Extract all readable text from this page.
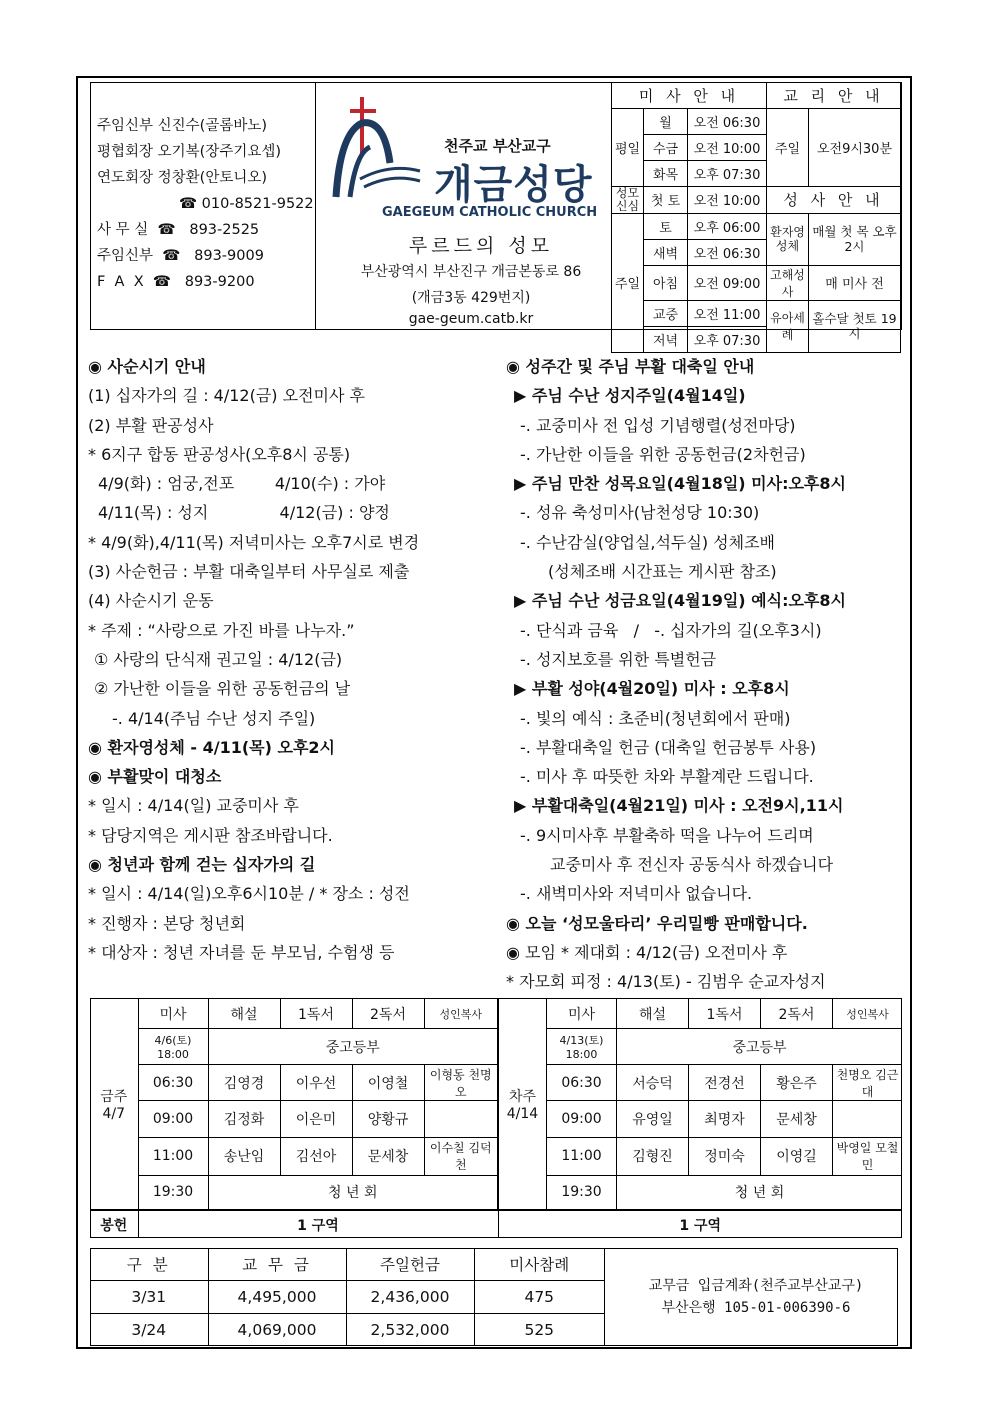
주임신부 신진수(골롬바노)
평협회장 오기복(장주기요셉)
연도회장 정창환(안토니오)
☎ 010-8521-9522
사 무 실  ☎   893-2525
주임신부  ☎   893-9009
F  A  X  ☎   893-9200
천주교 부산교구
개금성당
GAEGEUM CATHOLIC CHURCH
루르드의 성모
부산광역시 부산진구 개금본동로 86
(개금3동 429번지)
gae-geum.catb.kr
미 사 안 내			교 리 안 내	
평일	월	오전 06:30	주일	오전9시30분
	수금	오전 10:00		
	화목	오후 07:30		
성모신심	첫 토	오전 10:00	성 사 안 내	
주일	토	오후 06:00	환자영성체	매월 첫 목 오후 2시
	새벽	오전 06:30		
	아침	오전 09:00	고해성사	매 미사 전
	교중	오전 11:00	유아세례	홀수달 첫토 19시
	저녁	오후 07:30		
◉ 사순시기 안내
(1) 십자가의 길 : 4/12(금) 오전미사 후
(2) 부활 판공성사
* 6지구 합동 판공성사(오후8시 공통)
4/9(화) : 엄궁,전포        4/10(수) : 가야
4/11(목) : 성지              4/12(금) : 양정
* 4/9(화),4/11(목) 저녁미사는 오후7시로 변경
(3) 사순헌금 : 부활 대축일부터 사무실로 제출
(4) 사순시기 운동
* 주제 : “사랑으로 가진 바를 나누자.”
① 사랑의 단식재 권고일 : 4/12(금)
② 가난한 이들을 위한 공동헌금의 날
-. 4/14(주님 수난 성지 주일)
◉ 환자영성체 - 4/11(목) 오후2시
◉ 부활맞이 대청소
* 일시 : 4/14(일) 교중미사 후
* 담당지역은 게시판 참조바랍니다.
◉ 청년과 함께 걷는 십자가의 길
* 일시 : 4/14(일)오후6시10분 / * 장소 : 성전
* 진행자 : 본당 청년회
* 대상자 : 청년 자녀를 둔 부모님, 수험생 등
◉ 성주간 및 주님 부활 대축일 안내
▶ 주님 수난 성지주일(4월14일)
-. 교중미사 전 입성 기념행렬(성전마당)
-. 가난한 이들을 위한 공동헌금(2차헌금)
▶ 주님 만찬 성목요일(4월18일) 미사:오후8시
-. 성유 축성미사(남천성당 10:30)
-. 수난감실(양업실,석두실) 성체조배
(성체조배 시간표는 게시판 참조)
▶ 주님 수난 성금요일(4월19일) 예식:오후8시
-. 단식과 금육   /   -. 십자가의 길(오후3시)
-. 성지보호를 위한 특별헌금
▶ 부활 성야(4월20일) 미사 : 오후8시
-. 빛의 예식 : 초준비(청년회에서 판매)
-. 부활대축일 헌금 (대축일 헌금봉투 사용)
-. 미사 후 따뜻한 차와 부활계란 드립니다.
▶ 부활대축일(4월21일) 미사 : 오전9시,11시
-. 9시미사후 부활축하 떡을 나누어 드리며
교중미사 후 전신자 공동식사 하겠습니다
-. 새벽미사와 저녁미사 없습니다.
◉ 오늘 ‘성모울타리’ 우리밀빵 판매합니다.
◉ 모임 * 제대회 : 4/12(금) 오전미사 후
* 자모회 피정 : 4/13(토) - 김범우 순교자성지
금주 4/7	미사	해설	1독서	2독서	성인복사
	4/6(토) 18:00	중고등부			
	06:30	김영경	이우선	이영철	이형동 천명오
	09:00	김정화	이은미	양황규	
	11:00	송난임	김선아	문세창	이수칠 김덕천
	19:30	청 년 회			
차주 4/14	미사	해설	1독서	2독서	성인복사
	4/13(토) 18:00	중고등부			
	06:30	서승덕	전경선	황은주	천명오 김근대
	09:00	유영일	최명자	문세창	
	11:00	김형진	정미숙	이영길	박영일 모철민
	19:30	청 년 회			
봉헌	1 구역	1 구역
구 분	교 무 금	주일헌금	미사참례
3/31	4,495,000	2,436,000	475
3/24	4,069,000	2,532,000	525
교무금 입금계좌(천주교부산교구)
부산은행 105-01-006390-6
